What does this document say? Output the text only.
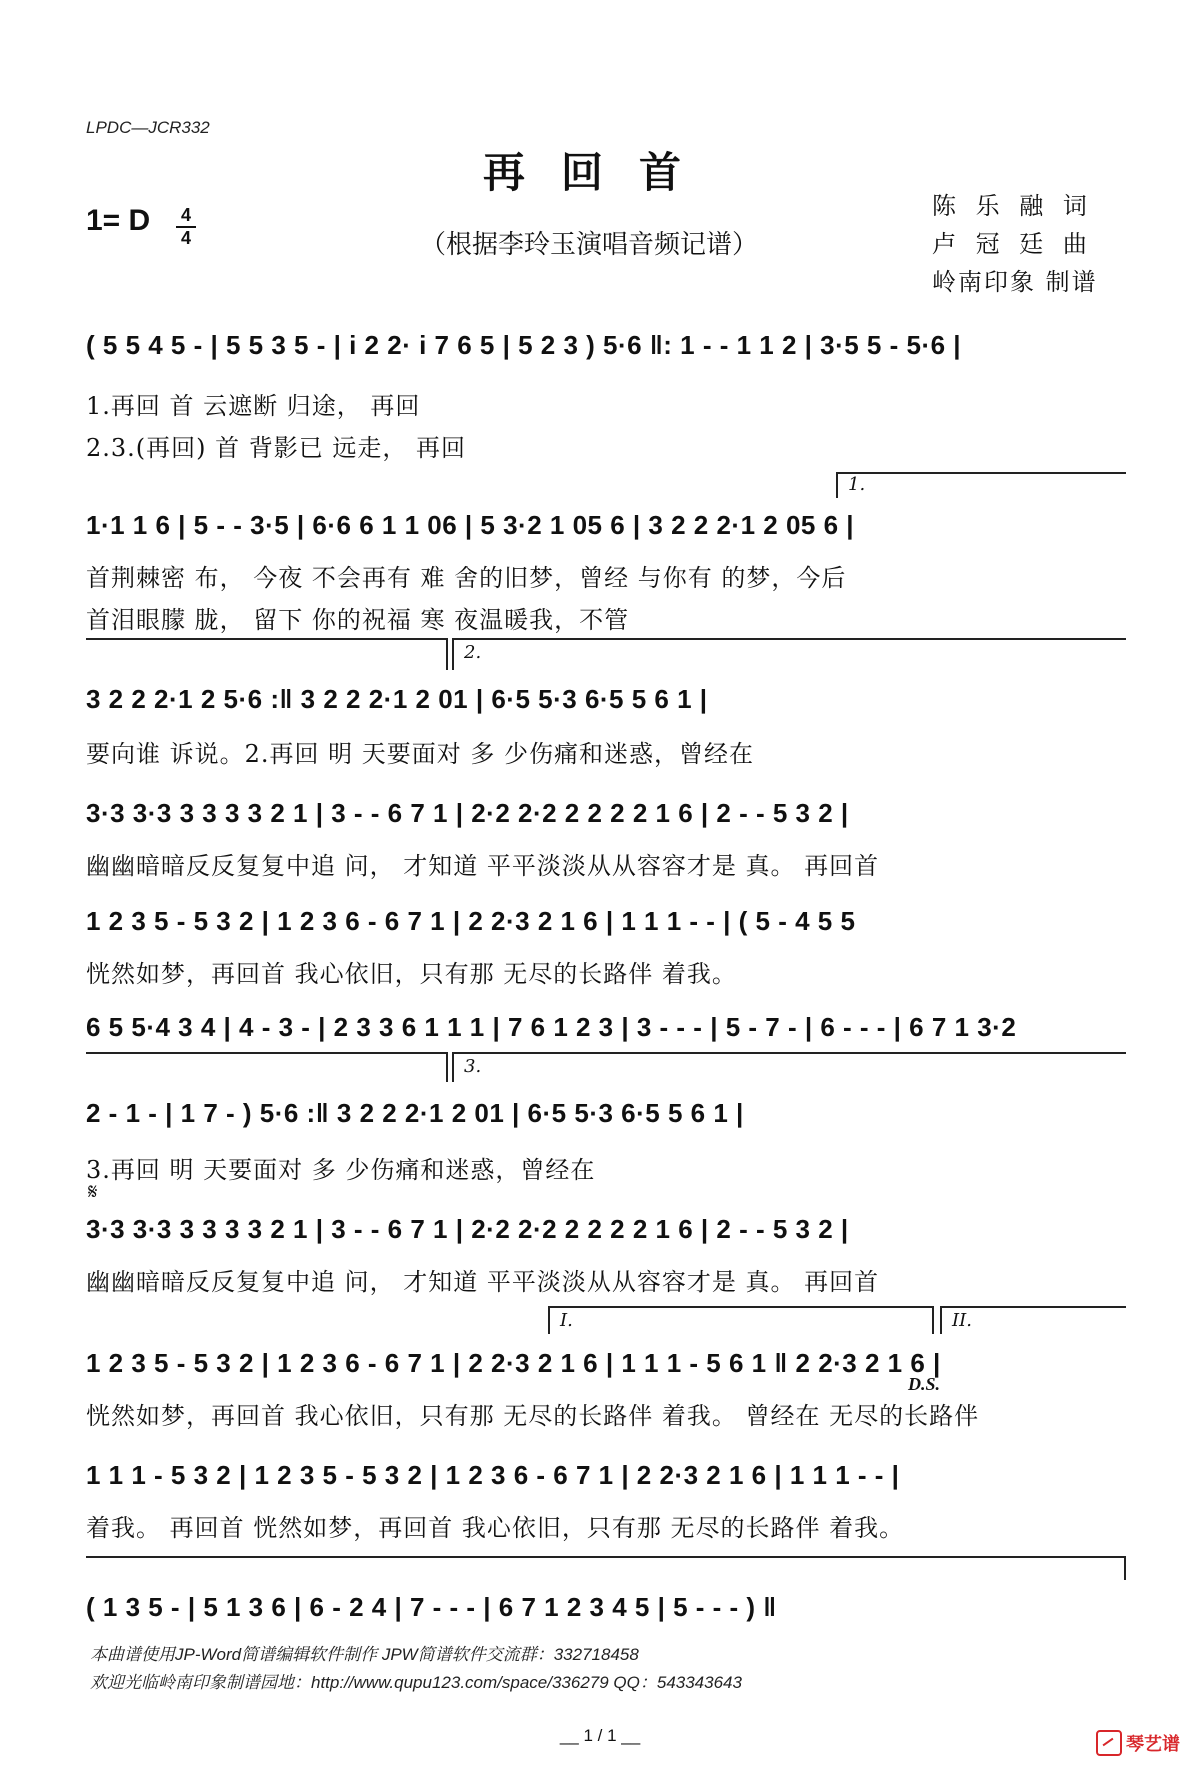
LPDC—JCR332
再回首
1= D 4
4	（根据李玲玉演唱音频记谱）
陈 乐 融 词
卢 冠 廷 曲
岭南印象 制谱
( 5 5 4 5 - | 5 5 3 5 - | i 2 2· i 7 6 5 | 5 2 3 ) 5·6 ‖: 1 - - 1 1 2 | 3·5 5 - 5·6 |
1.再回 首 云遮断 归途， 再回
2.3.(再回) 首 背影已 远走， 再回
1.
1·1 1 6 | 5 - - 3·5 | 6·6 6 1 1 06 | 5 3·2 1 05 6 | 3 2 2 2·1 2 05 6 |
首荆棘密 布， 今夜 不会再有 难 舍的旧梦，曾经 与你有 的梦，今后
首泪眼朦 胧， 留下 你的祝福 寒 夜温暖我，不管
2.
3 2 2 2·1 2 5·6 :‖ 3 2 2 2·1 2 01 | 6·5 5·3 6·5 5 6 1 |
要向谁 诉说。2.再回 明 天要面对 多 少伤痛和迷惑，曾经在
3·3 3·3 3 3 3 3 2 1 | 3 - - 6 7 1 | 2·2 2·2 2 2 2 2 1 6 | 2 - - 5 3 2 |
幽幽暗暗反反复复中追 问， 才知道 平平淡淡从从容容才是 真。 再回首
1 2 3 5 - 5 3 2 | 1 2 3 6 - 6 7 1 | 2 2·3 2 1 6 | 1 1 1 - - | ( 5 - 4 5 5
恍然如梦，再回首 我心依旧，只有那 无尽的长路伴 着我。
6 5 5·4 3 4 | 4 - 3 - | 2 3 3 6 1 1 1 | 7 6 1 2 3 | 3 - - - | 5 - 7 - | 6 - - - | 6 7 1 3·2
3.
2 - 1 - | 1 7 - ) 5·6 :‖ 3 2 2 2·1 2 01 | 6·5 5·3 6·5 5 6 1 |
3.再回 明 天要面对 多 少伤痛和迷惑，曾经在
𝄋
3·3 3·3 3 3 3 3 2 1 | 3 - - 6 7 1 | 2·2 2·2 2 2 2 2 1 6 | 2 - - 5 3 2 |
幽幽暗暗反反复复中追 问， 才知道 平平淡淡从从容容才是 真。 再回首
I.	II.
1 2 3 5 - 5 3 2 | 1 2 3 6 - 6 7 1 | 2 2·3 2 1 6 | 1 1 1 - 5 6 1 ‖ 2 2·3 2 1 6 |
D.S.
恍然如梦，再回首 我心依旧，只有那 无尽的长路伴 着我。 曾经在 无尽的长路伴
1 1 1 - 5 3 2 | 1 2 3 5 - 5 3 2 | 1 2 3 6 - 6 7 1 | 2 2·3 2 1 6 | 1 1 1 - - |
着我。 再回首 恍然如梦，再回首 我心依旧，只有那 无尽的长路伴 着我。
( 1 3 5 - | 5 1 3 6 | 6 - 2 4 | 7 - - - | 6 7 1 2 3 4 5 | 5 - - - ) ‖
本曲谱使用JP-Word简谱编辑软件制作 JPW简谱软件交流群：332718458
欢迎光临岭南印象制谱园地：http://www.qupu123.com/space/336279 QQ：543343643
__ 1 / 1 __	琴艺谱
